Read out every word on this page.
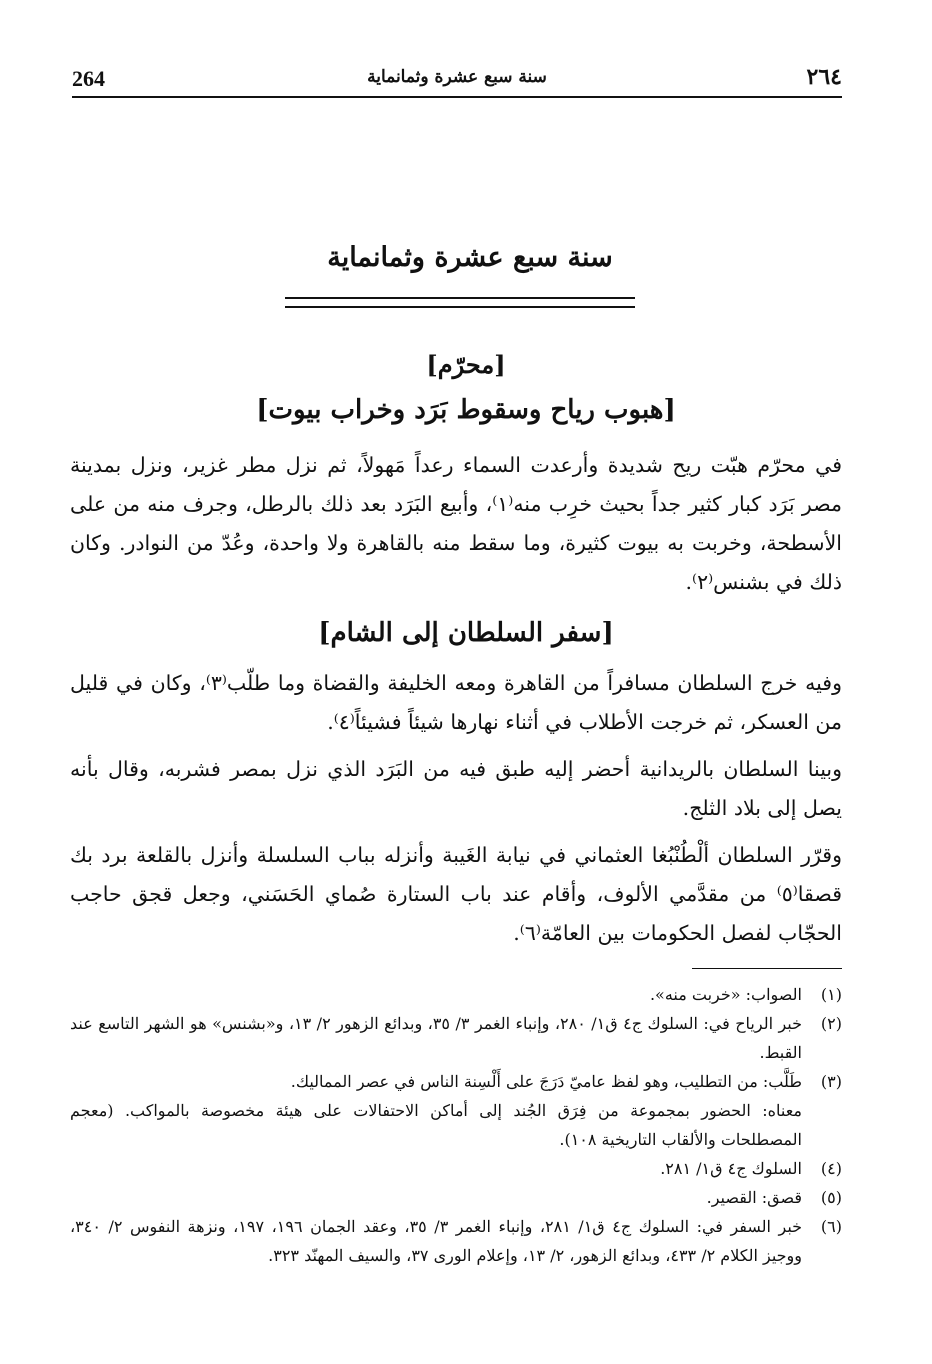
264	سنة سبع عشرة وثمانماية	٢٦٤
سنة سبع عشرة وثمانماية
[محرّم]
[هبوب رياح وسقوط بَرَد وخراب بيوت]
في محرّم هبّت ريح شديدة وأرعدت السماء رعداً مَهولاً، ثم نزل مطر غزير، ونزل بمدينة مصر بَرَد كبار كثير جداً بحيث خرِب منه⁽١⁾، وأبيع البَرَد بعد ذلك بالرطل، وجرف منه من على الأسطحة، وخربت به بيوت كثيرة، وما سقط منه بالقاهرة ولا واحدة، وعُدّ من النوادر. وكان ذلك في بشنس⁽٢⁾.
[سفر السلطان إلى الشام]
وفيه خرج السلطان مسافراً من القاهرة ومعه الخليفة والقضاة وما طلّب⁽٣⁾، وكان في قليل من العسكر، ثم خرجت الأطلاب في أثناء نهارها شيئاً فشيئاً⁽٤⁾.
وبينا السلطان بالريدانية أحضر إليه طبق فيه من البَرَد الذي نزل بمصر فشربه، وقال بأنه يصل إلى بلاد الثلج.
وقرّر السلطان ألْطُنْبُغا العثماني في نيابة الغَيبة وأنزله بباب السلسلة وأنزل بالقلعة برد بك قصقا⁽٥⁾ من مقدَّمي الألوف، وأقام عند باب الستارة صُماي الحَسَني، وجعل قجق حاجب الحجّاب لفصل الحكومات بين العامّة⁽٦⁾.
(١)
الصواب: «خربت منه».
(٢)
خبر الرياح في: السلوك ج٤ ق١/ ٢٨٠، وإنباء الغمر ٣/ ٣٥، وبدائع الزهور ٢/ ١٣، و«بشنس» هو الشهر التاسع عند القبط.
(٣)
طَلَّب: من التطليب، وهو لفظ عاميّ دَرَجَ على أَلْسِنة الناس في عصر المماليك.
معناه: الحضور بمجموعة من فِرَق الجُند إلى أماكن الاحتفالات على هيئة مخصوصة بالمواكب. (معجم المصطلحات والألقاب التاريخية ١٠٨).
(٤)
السلوك ج٤ ق١/ ٢٨١.
(٥)
قصق: القصير.
(٦)
خبر السفر في: السلوك ج٤ ق١/ ٢٨١، وإنباء الغمر ٣/ ٣٥، وعقد الجمان ١٩٦، ١٩٧، ونزهة النفوس ٢/ ٣٤٠، ووجيز الكلام ٢/ ٤٣٣، وبدائع الزهور، ٢/ ١٣، وإعلام الورى ٣٧، والسيف المهنّد ٣٢٣.
